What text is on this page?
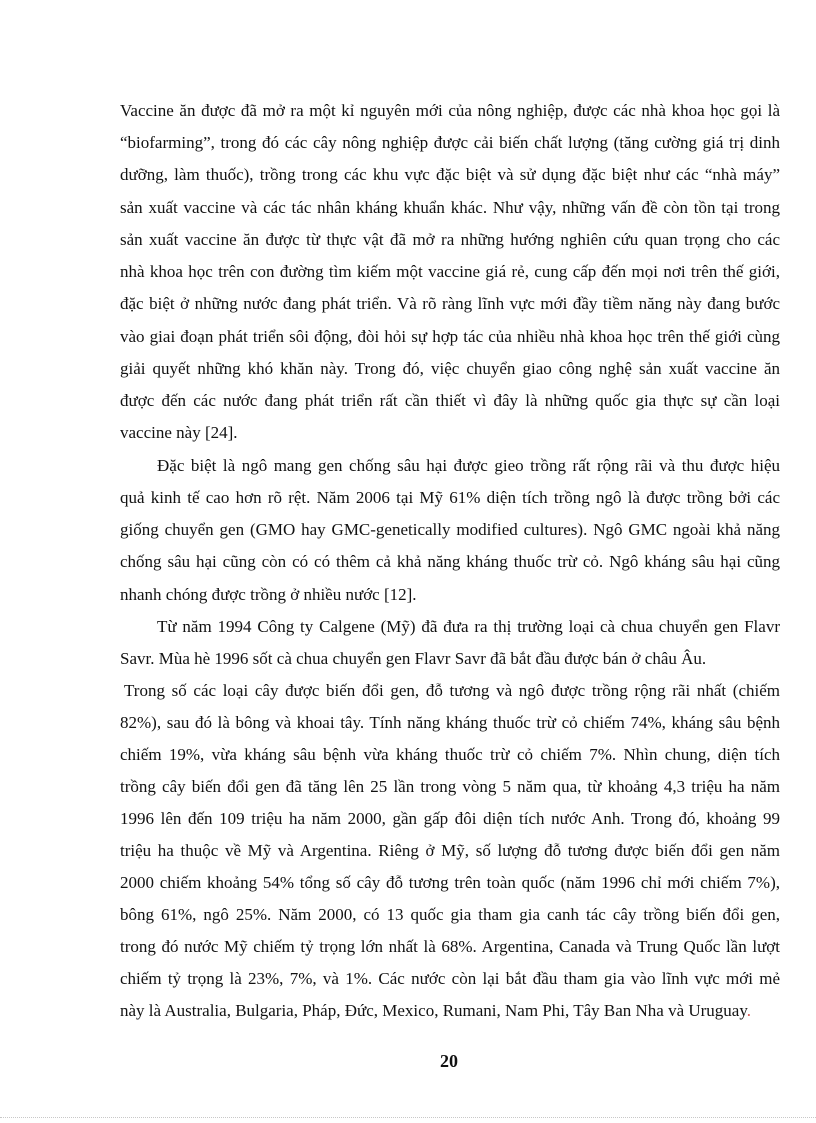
Vaccine ăn được đã mở ra một kỉ nguyên mới của nông nghiệp, được các nhà khoa học gọi là
“biofarming”, trong đó các cây nông nghiệp được cải biến chất lượng (tăng cường giá trị dinh
dưỡng, làm thuốc), trồng trong các khu vực đặc biệt và sử dụng đặc biệt như các “nhà máy”
sản xuất vaccine và các tác nhân kháng khuẩn khác. Như vậy, những vấn đề còn tồn tại trong
sản xuất vaccine ăn được từ thực vật đã mở ra những hướng nghiên cứu quan trọng cho các
nhà khoa học trên con đường tìm kiếm một vaccine giá rẻ, cung cấp đến mọi nơi trên thế giới,
đặc biệt ở những nước đang phát triển. Và rõ ràng lĩnh vực mới đầy tiềm năng này đang bước
vào giai đoạn phát triển sôi động, đòi hỏi sự hợp tác của nhiều nhà khoa học trên thế giới cùng
giải quyết những khó khăn này. Trong đó, việc chuyển giao công nghệ sản xuất vaccine ăn
được đến các nước đang phát triển rất cần thiết vì đây là những quốc gia thực sự cần loại
vaccine này [24].
Đặc biệt là ngô mang gen chống sâu hại được gieo trồng rất rộng rãi và thu được hiệu
quả kinh tế cao hơn rõ rệt. Năm 2006 tại Mỹ 61% diện tích trồng ngô là được trồng bởi các
giống chuyển gen (GMO hay GMC-genetically modified cultures). Ngô GMC ngoài khả năng
chống sâu hại cũng còn có có thêm cả khả năng kháng thuốc trừ cỏ. Ngô kháng sâu hại cũng
nhanh chóng được trồng ở nhiều nước [12].
Từ năm 1994 Công ty Calgene (Mỹ) đã đưa ra thị trường loại cà chua chuyển gen Flavr
Savr. Mùa hè 1996 sốt cà chua chuyển gen Flavr Savr đã bắt đầu được bán ở châu Âu.
Trong số các loại cây được biến đổi gen, đỗ tương và ngô được trồng rộng rãi nhất (chiếm
82%), sau đó là bông và khoai tây. Tính năng kháng thuốc trừ cỏ chiếm 74%, kháng sâu bệnh
chiếm 19%, vừa kháng sâu bệnh vừa kháng thuốc trừ cỏ chiếm 7%. Nhìn chung, diện tích
trồng cây biến đổi gen đã tăng lên 25 lần trong vòng 5 năm qua, từ khoảng 4,3 triệu ha năm
1996 lên đến 109 triệu ha năm 2000, gần gấp đôi diện tích nước Anh. Trong đó, khoảng 99
triệu ha thuộc về Mỹ và Argentina. Riêng ở Mỹ, số lượng đỗ tương được biến đổi gen năm
2000 chiếm khoảng 54% tổng số cây đỗ tương trên toàn quốc (năm 1996 chỉ mới chiếm 7%),
bông 61%, ngô 25%. Năm 2000, có 13 quốc gia tham gia canh tác cây trồng biến đổi gen,
trong đó nước Mỹ chiếm tỷ trọng lớn nhất là 68%. Argentina, Canada và Trung Quốc lần lượt
chiếm tỷ trọng là 23%, 7%, và 1%. Các nước còn lại bắt đầu tham gia vào lĩnh vực mới mẻ
này là Australia, Bulgaria, Pháp, Đức, Mexico, Rumani, Nam Phi, Tây Ban Nha và Uruguay.
20
